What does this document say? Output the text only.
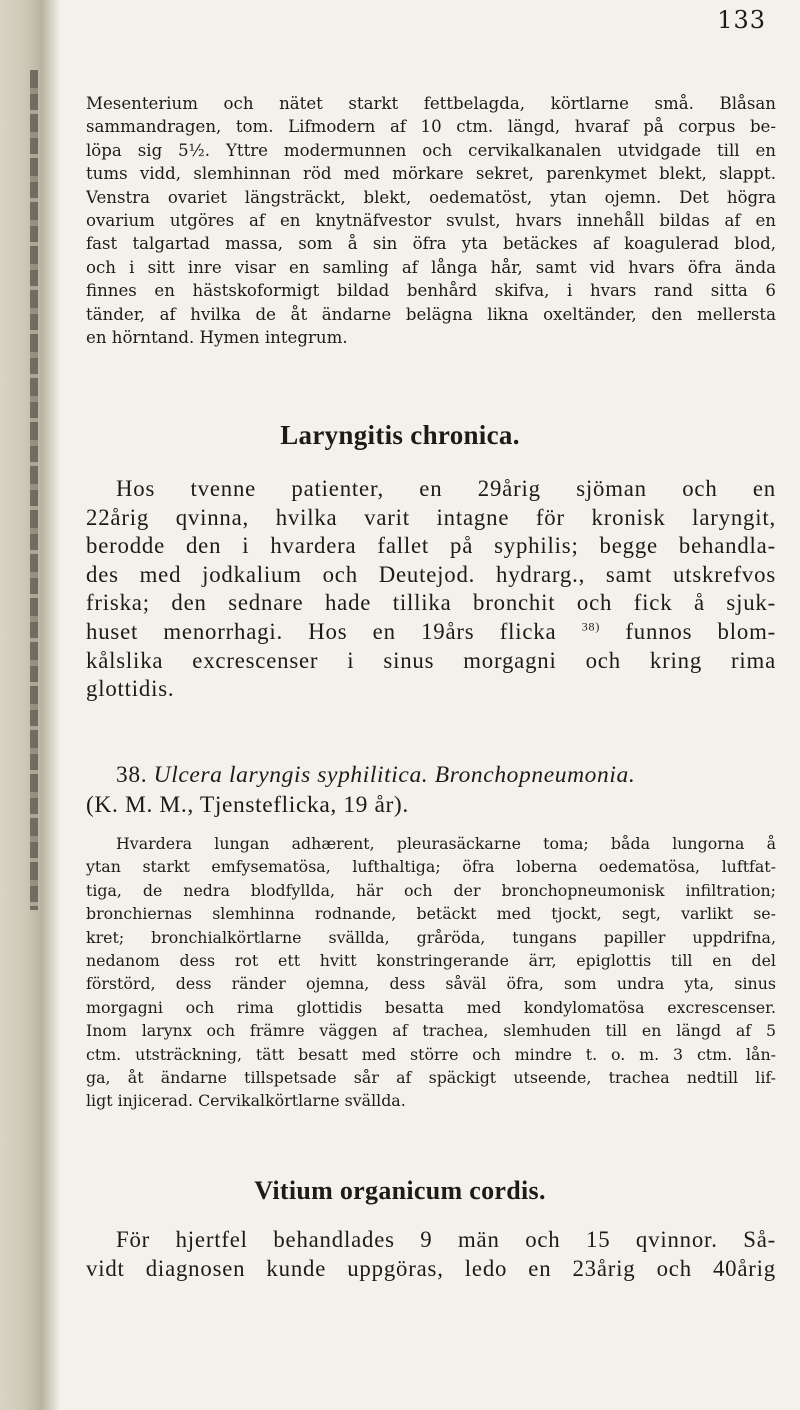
133
Mesenterium och nätet starkt fettbelagda, körtlarne små. Blåsan
sammandragen, tom. Lifmodern af 10 ctm. längd, hvaraf på corpus be-
löpa sig 5½. Yttre modermunnen och cervikalkanalen utvidgade till en
tums vidd, slemhinnan röd med mörkare sekret, parenkymet blekt, slappt.
Venstra ovariet längsträckt, blekt, oedematöst, ytan ojemn. Det högra
ovarium utgöres af en knytnäfvestor svulst, hvars innehåll bildas af en
fast talgartad massa, som å sin öfra yta betäckes af koagulerad blod,
och i sitt inre visar en samling af långa hår, samt vid hvars öfra ända
finnes en hästskoformigt bildad benhård skifva, i hvars rand sitta 6
tänder, af hvilka de åt ändarne belägna likna oxeltänder, den mellersta
en hörntand. Hymen integrum.
Laryngitis chronica.
Hos tvenne patienter, en 29årig sjöman och en
22årig qvinna, hvilka varit intagne för kronisk laryngit,
berodde den i hvardera fallet på syphilis; begge behandla-
des med jodkalium och Deutejod. hydrarg., samt utskrefvos
friska; den sednare hade tillika bronchit och fick å sjuk-
huset menorrhagi. Hos en 19års flicka $^{38)}$ funnos blom-
kålslika excrescenser i sinus morgagni och kring rima
glottidis.
38. Ulcera laryngis syphilitica. Bronchopneumonia.
(K. M. M., Tjensteflicka, 19 år).
Hvardera lungan adhærent, pleurasäckarne toma; båda lungorna å
ytan starkt emfysematösa, lufthaltiga; öfra loberna oedematösa, luftfat-
tiga, de nedra blodfyllda, här och der bronchopneumonisk infiltration;
bronchiernas slemhinna rodnande, betäckt med tjockt, segt, varlikt se-
kret; bronchialkörtlarne svällda, gråröda, tungans papiller uppdrifna,
nedanom dess rot ett hvitt konstringerande ärr, epiglottis till en del
förstörd, dess ränder ojemna, dess såväl öfra, som undra yta, sinus
morgagni och rima glottidis besatta med kondylomatösa excrescenser.
Inom larynx och främre väggen af trachea, slemhuden till en längd af 5
ctm. utsträckning, tätt besatt med större och mindre t. o. m. 3 ctm. lån-
ga, åt ändarne tillspetsade sår af späckigt utseende, trachea nedtill lif-
ligt injicerad. Cervikalkörtlarne svällda.
Vitium organicum cordis.
För hjertfel behandlades 9 män och 15 qvinnor. Så-
vidt diagnosen kunde uppgöras, ledo en 23årig och 40årig
